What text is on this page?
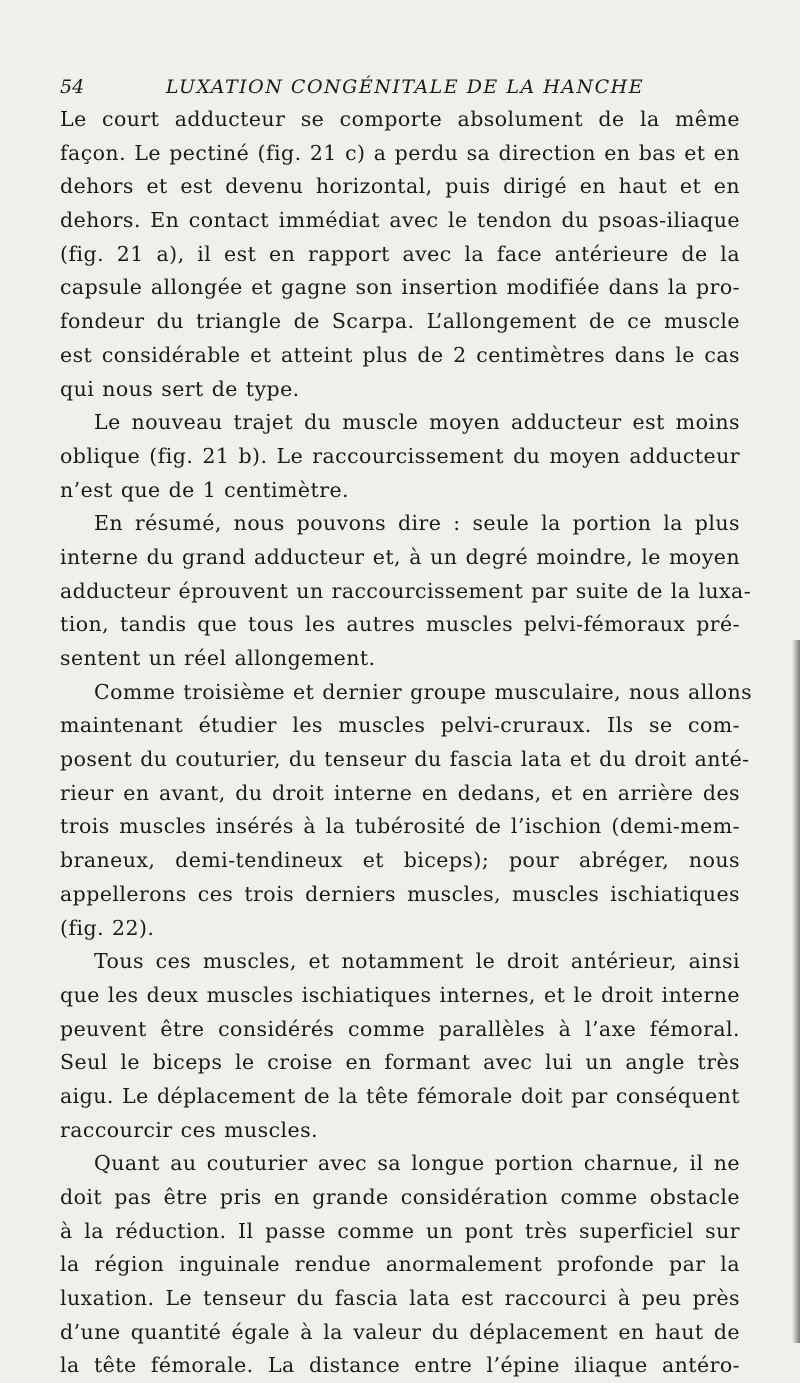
54	LUXATION CONGÉNITALE DE LA HANCHE
Le court adducteur se comporte absolument de la même
façon. Le pectiné (fig. 21 c) a perdu sa direction en bas et en
dehors et est devenu horizontal, puis dirigé en haut et en
dehors. En contact immédiat avec le tendon du psoas-iliaque
(fig. 21 a), il est en rapport avec la face antérieure de la
capsule allongée et gagne son insertion modifiée dans la pro-
fondeur du triangle de Scarpa. L’allongement de ce muscle
est considérable et atteint plus de 2 centimètres dans le cas
qui nous sert de type.
Le nouveau trajet du muscle moyen adducteur est moins
oblique (fig. 21 b). Le raccourcissement du moyen adducteur
n’est que de 1 centimètre.
En résumé, nous pouvons dire : seule la portion la plus
interne du grand adducteur et, à un degré moindre, le moyen
adducteur éprouvent un raccourcissement par suite de la luxa-
tion, tandis que tous les autres muscles pelvi-fémoraux pré-
sentent un réel allongement.
Comme troisième et dernier groupe musculaire, nous allons
maintenant étudier les muscles pelvi-cruraux. Ils se com-
posent du couturier, du tenseur du fascia lata et du droit anté-
rieur en avant, du droit interne en dedans, et en arrière des
trois muscles insérés à la tubérosité de l’ischion (demi-mem-
braneux, demi-tendineux et biceps); pour abréger, nous
appellerons ces trois derniers muscles, muscles ischiatiques
(fig. 22).
Tous ces muscles, et notamment le droit antérieur, ainsi
que les deux muscles ischiatiques internes, et le droit interne
peuvent être considérés comme parallèles à l’axe fémoral.
Seul le biceps le croise en formant avec lui un angle très
aigu. Le déplacement de la tête fémorale doit par conséquent
raccourcir ces muscles.
Quant au couturier avec sa longue portion charnue, il ne
doit pas être pris en grande considération comme obstacle
à la réduction. Il passe comme un pont très superficiel sur
la région inguinale rendue anormalement profonde par la
luxation. Le tenseur du fascia lata est raccourci à peu près
d’une quantité égale à la valeur du déplacement en haut de
la tête fémorale. La distance entre l’épine iliaque antéro-
